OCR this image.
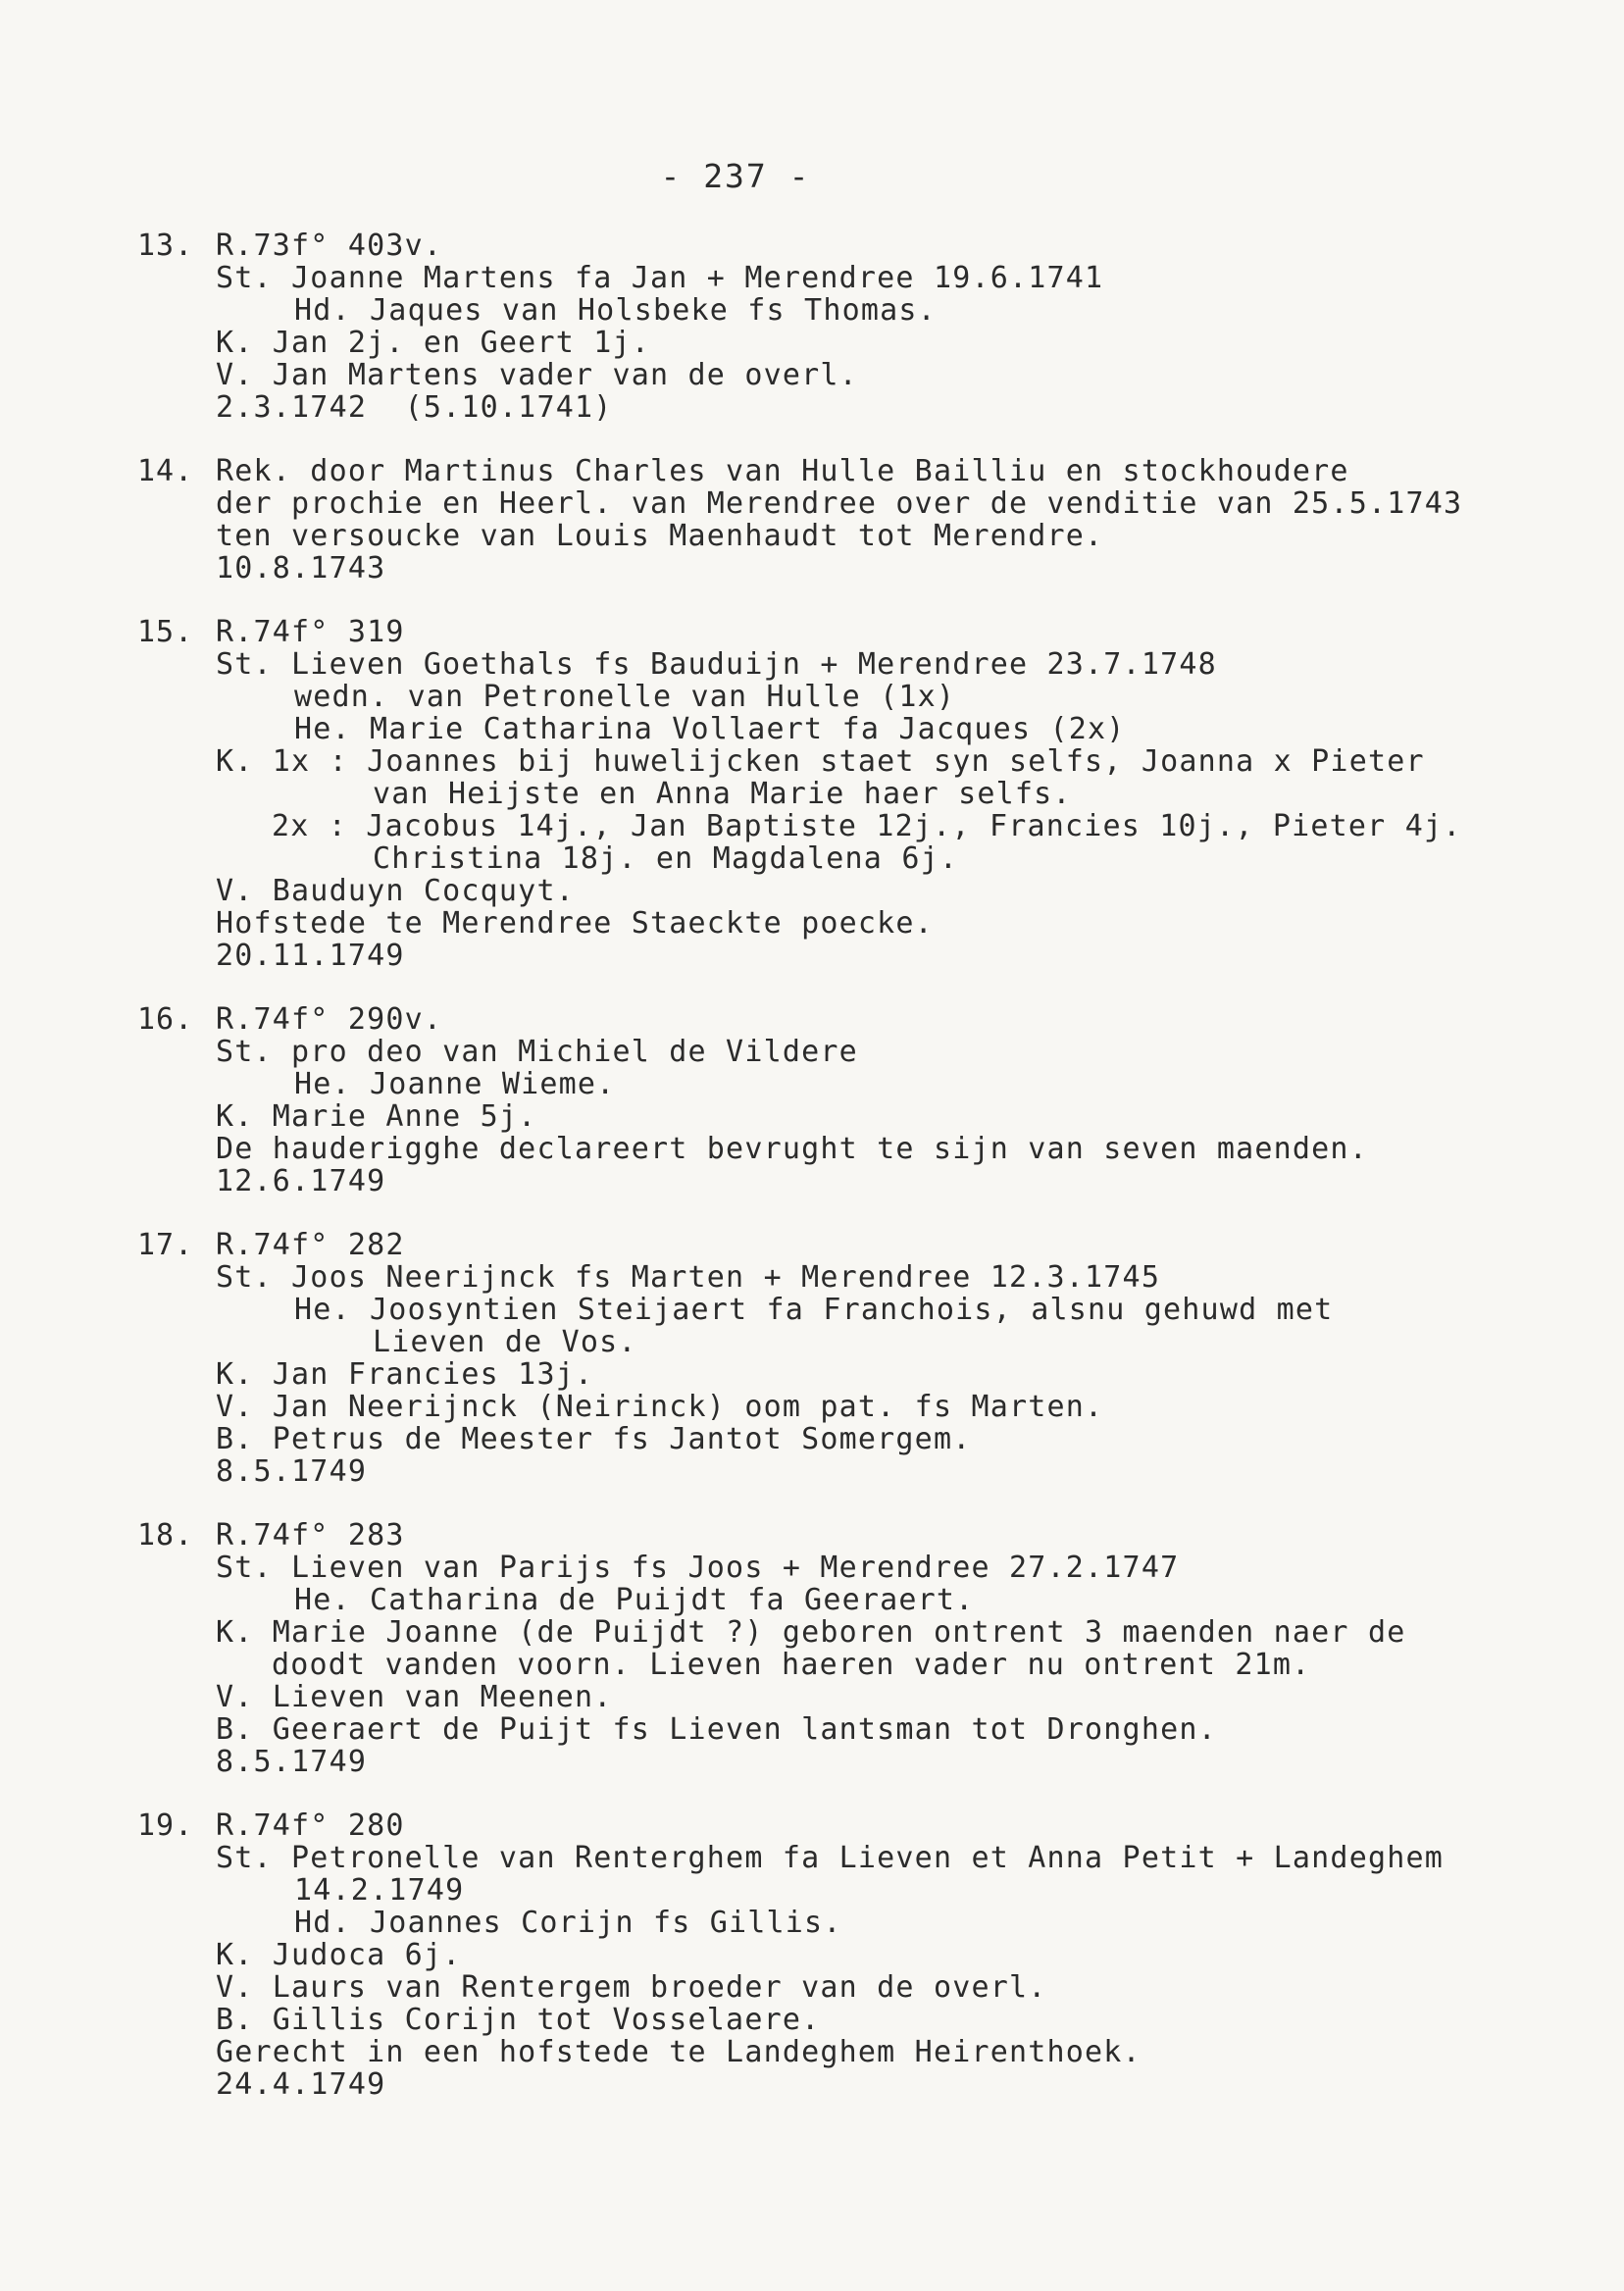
- 237 -
13. R.73f° 403v.
St. Joanne Martens fa Jan + Merendree 19.6.1741
Hd. Jaques van Holsbeke fs Thomas.
K. Jan 2j. en Geert 1j.
V. Jan Martens vader van de overl.
2.3.1742  (5.10.1741)
14. Rek. door Martinus Charles van Hulle Bailliu en stockhoudere
der prochie en Heerl. van Merendree over de venditie van 25.5.1743
ten versoucke van Louis Maenhaudt tot Merendre.
10.8.1743
15. R.74f° 319
St. Lieven Goethals fs Bauduijn + Merendree 23.7.1748
wedn. van Petronelle van Hulle (1x)
He. Marie Catharina Vollaert fa Jacques (2x)
K. 1x : Joannes bij huwelijcken staet syn selfs, Joanna x Pieter
van Heijste en Anna Marie haer selfs.
2x : Jacobus 14j., Jan Baptiste 12j., Francies 10j., Pieter 4j.
Christina 18j. en Magdalena 6j.
V. Bauduyn Cocquyt.
Hofstede te Merendree Staeckte poecke.
20.11.1749
16. R.74f° 290v.
St. pro deo van Michiel de Vildere
He. Joanne Wieme.
K. Marie Anne 5j.
De hauderigghe declareert bevrught te sijn van seven maenden.
12.6.1749
17. R.74f° 282
St. Joos Neerijnck fs Marten + Merendree 12.3.1745
He. Joosyntien Steijaert fa Franchois, alsnu gehuwd met
Lieven de Vos.
K. Jan Francies 13j.
V. Jan Neerijnck (Neirinck) oom pat. fs Marten.
B. Petrus de Meester fs Jantot Somergem.
8.5.1749
18. R.74f° 283
St. Lieven van Parijs fs Joos + Merendree 27.2.1747
He. Catharina de Puijdt fa Geeraert.
K. Marie Joanne (de Puijdt ?) geboren ontrent 3 maenden naer de
doodt vanden voorn. Lieven haeren vader nu ontrent 21m.
V. Lieven van Meenen.
B. Geeraert de Puijt fs Lieven lantsman tot Dronghen.
8.5.1749
19. R.74f° 280
St. Petronelle van Renterghem fa Lieven et Anna Petit + Landeghem
14.2.1749
Hd. Joannes Corijn fs Gillis.
K. Judoca 6j.
V. Laurs van Rentergem broeder van de overl.
B. Gillis Corijn tot Vosselaere.
Gerecht in een hofstede te Landeghem Heirenthoek.
24.4.1749
